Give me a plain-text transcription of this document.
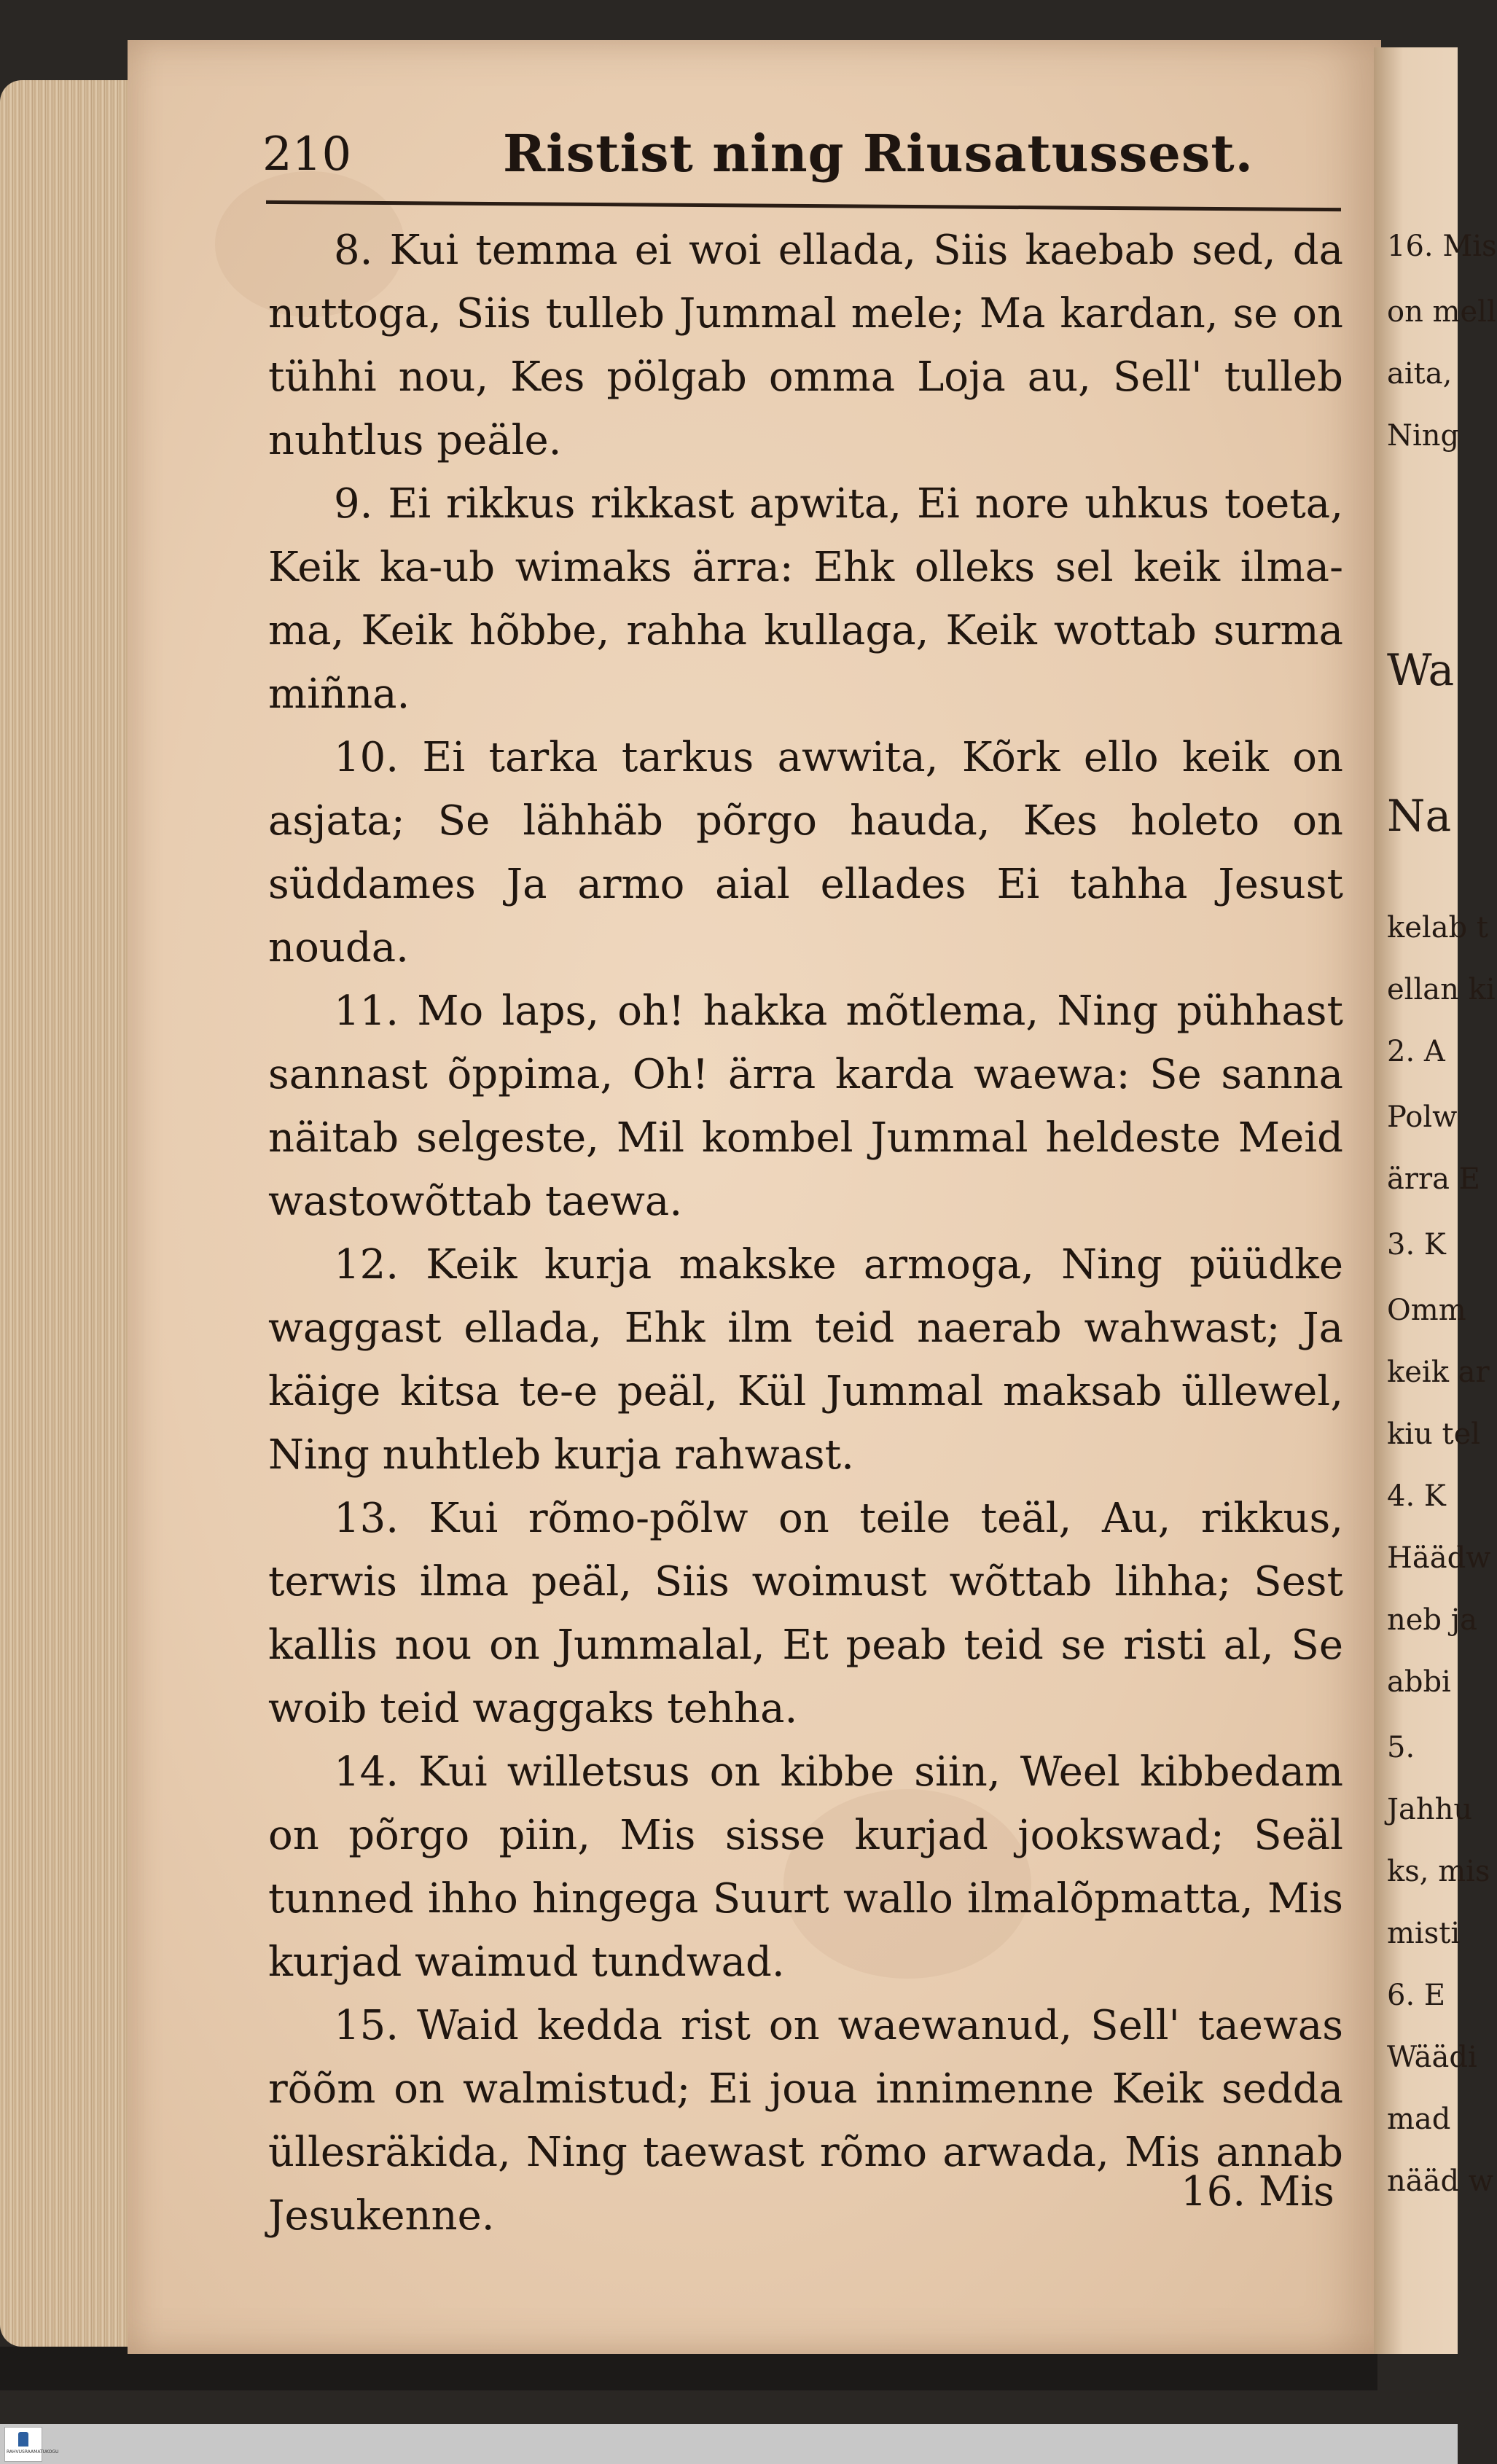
16. Mis
on mell
aita,
Ning
Wa
Na
kelab t
ellan ki
2. A
Polw
ärra E
3. K
Omm
keik ar
kiu tel
4. K
Häädw
neb ja
abbi
5.
Jahhu
ks, mis
misti
6. E
Wäädi
mad
nääd w
210	Ristist ning Riusatussest.

8. Kui temma ei woi ellada, Siis kaebab sed, da nuttoga, Siis tulleb Jummal mele; Ma kardan, se on tühhi nou, Kes pölgab omma Loja au, Sell' tulleb nuhtlus peäle.

9. Ei rikkus rikkast apwita, Ei nore uhkus toeta, Keik ka-ub wimaks ärra: Ehk olleks sel keik ilma-ma, Keik hõbbe, rahha kullaga, Keik wottab surma miñna.

10. Ei tarka tarkus awwita, Kõrk ello keik on asjata; Se lähhäb põrgo hauda, Kes holeto on süddames Ja armo aial ellades Ei tahha Jesust nouda.

11. Mo laps, oh! hakka mõtlema, Ning pühhast sannast õppima, Oh! ärra karda waewa: Se sanna näitab selgeste, Mil kombel Jummal heldeste Meid wastowõttab taewa.

12. Keik kurja makske armoga, Ning püüdke waggast ellada, Ehk ilm teid naerab wahwast; Ja käige kitsa te-e peäl, Kül Jummal maksab üllewel, Ning nuhtleb kurja rahwast.

13. Kui rõmo-põlw on teile teäl, Au, rikkus, terwis ilma peäl, Siis woimust wõttab lihha; Sest kallis nou on Jummalal, Et peab teid se risti al, Se woib teid waggaks tehha.

14. Kui willetsus on kibbe siin, Weel kibbedam on põrgo piin, Mis sisse kurjad jookswad; Seäl tunned ihho hingega Suurt wallo ilmalõpmatta, Mis kurjad waimud tundwad.

15. Waid kedda rist on waewanud, Sell' taewas rõõm on walmistud; Ei joua innimenne Keik sedda üllesräkida, Ning taewast rõmo arwada, Mis annab Jesukenne.

16. Mis
RAHVUSRAAMATUKOGU
